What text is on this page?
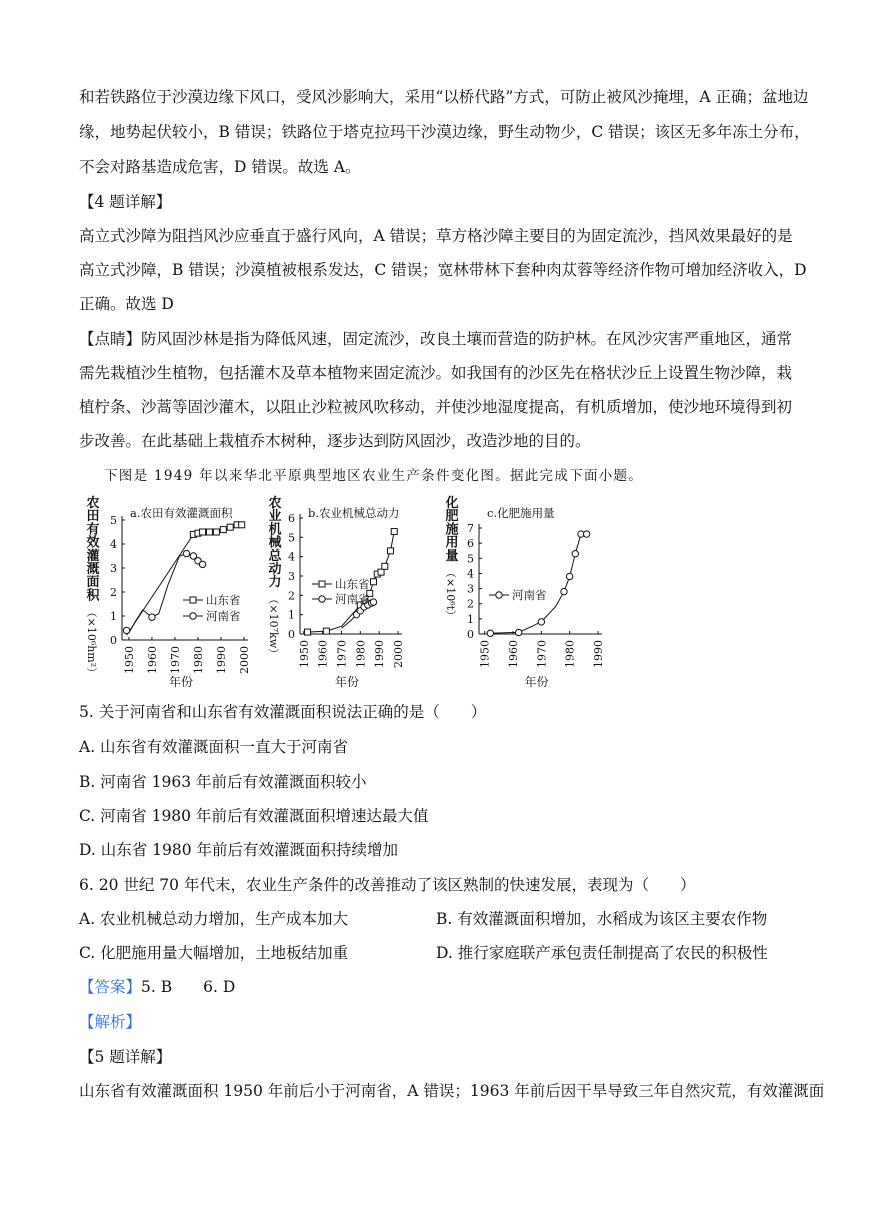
和若铁路位于沙漠边缘下风口，受风沙影响大，采用“以桥代路”方式，可防止被风沙掩埋，A 正确；盆地边
缘，地势起伏较小，B 错误；铁路位于塔克拉玛干沙漠边缘，野生动物少，C 错误；该区无多年冻土分布，
不会对路基造成危害，D 错误。故选 A。
【4 题详解】
高立式沙障为阻挡风沙应垂直于盛行风向，A 错误；草方格沙障主要目的为固定流沙，挡风效果最好的是
高立式沙障，B 错误；沙漠植被根系发达，C 错误；宽林带林下套种肉苁蓉等经济作物可增加经济收入，D
正确。故选 D
【点睛】防风固沙林是指为降低风速，固定流沙，改良土壤而营造的防护林。在风沙灾害严重地区，通常
需先栽植沙生植物，包括灌木及草本植物来固定流沙。如我国有的沙区先在格状沙丘上设置生物沙障，栽
植柠条、沙蒿等固沙灌木，以阻止沙粒被风吹移动，并使沙地湿度提高，有机质增加，使沙地环境得到初
步改善。在此基础上栽植乔木树种，逐步达到防风固沙，改造沙地的目的。
下图是 1949 年以来华北平原典型地区农业生产条件变化图。据此完成下面小题。
a.农田有效灌溉面积
0
1
2
3
4
5
1950 1960 1970 1980 1990 2000
年份
农
田
有
效
灌
溉
面
积
（×10⁶hm²）
b.农业机械总动力
0
1
2
3
4
5
6
1950 1960 1970 1980 1990 2000
年份
农
业
机
械
总
动
力
（×10⁷kw）
c.化肥施用量
0
1
2
3
4
5
6
7
1950 1960 1970 1980 1990
年份
化
肥
施
用
量
（×10⁶t）
山东省
河南省
山东省
河南省	河南省
5. 关于河南省和山东省有效灌溉面积说法正确的是（　　）
A. 山东省有效灌溉面积一直大于河南省
B. 河南省 1963 年前后有效灌溉面积较小
C. 河南省 1980 年前后有效灌溉面积增速达最大值
D. 山东省 1980 年前后有效灌溉面积持续增加
6. 20 世纪 70 年代末，农业生产条件的改善推动了该区熟制的快速发展，表现为（　　）
A. 农业机械总动力增加，生产成本加大	B. 有效灌溉面积增加，水稻成为该区主要农作物
C. 化肥施用量大幅增加，土地板结加重	D. 推行家庭联产承包责任制提高了农民的积极性
【答案】5. B　　6. D
【解析】
【5 题详解】
山东省有效灌溉面积 1950 年前后小于河南省，A 错误；1963 年前后因干旱导致三年自然灾荒，有效灌溉面
